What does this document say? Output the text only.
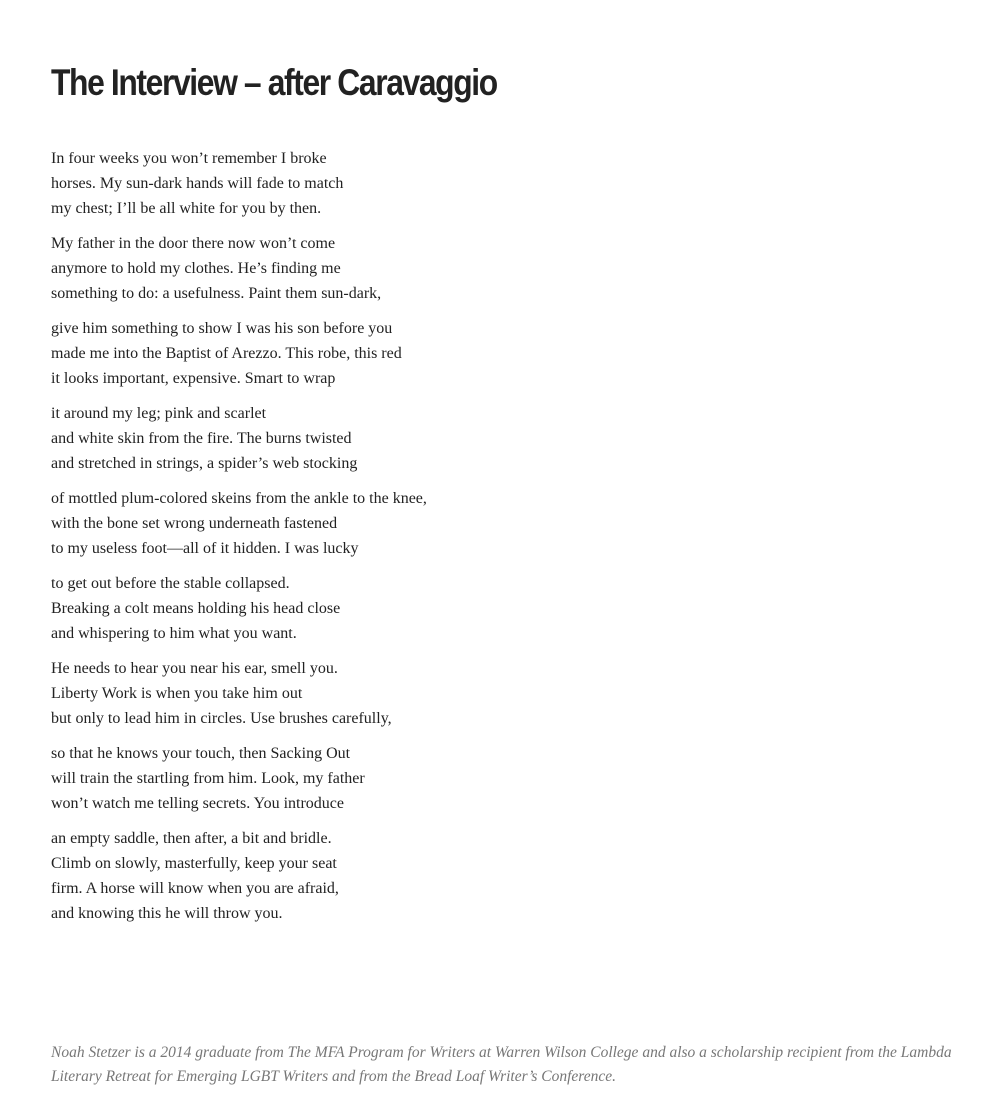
The Interview – after Caravaggio
In four weeks you won’t remember I broke
horses. My sun-dark hands will fade to match
my chest; I’ll be all white for you by then.
My father in the door there now won’t come
anymore to hold my clothes. He’s finding me
something to do: a usefulness. Paint them sun-dark,
give him something to show I was his son before you
made me into the Baptist of Arezzo. This robe, this red
it looks important, expensive. Smart to wrap
it around my leg; pink and scarlet
and white skin from the fire. The burns twisted
and stretched in strings, a spider’s web stocking
of mottled plum-colored skeins from the ankle to the knee,
with the bone set wrong underneath fastened
to my useless foot—all of it hidden. I was lucky
to get out before the stable collapsed.
Breaking a colt means holding his head close
and whispering to him what you want.
He needs to hear you near his ear, smell you.
Liberty Work is when you take him out
but only to lead him in circles. Use brushes carefully,
so that he knows your touch, then Sacking Out
will train the startling from him. Look, my father
won’t watch me telling secrets. You introduce
an empty saddle, then after, a bit and bridle.
Climb on slowly, masterfully, keep your seat
firm. A horse will know when you are afraid,
and knowing this he will throw you.

Noah Stetzer is a 2014 graduate from The MFA Program for Writers at Warren Wilson College and also a scholarship recipient from the Lambda Literary Retreat for Emerging LGBT Writers and from the Bread Loaf Writer’s Conference.
